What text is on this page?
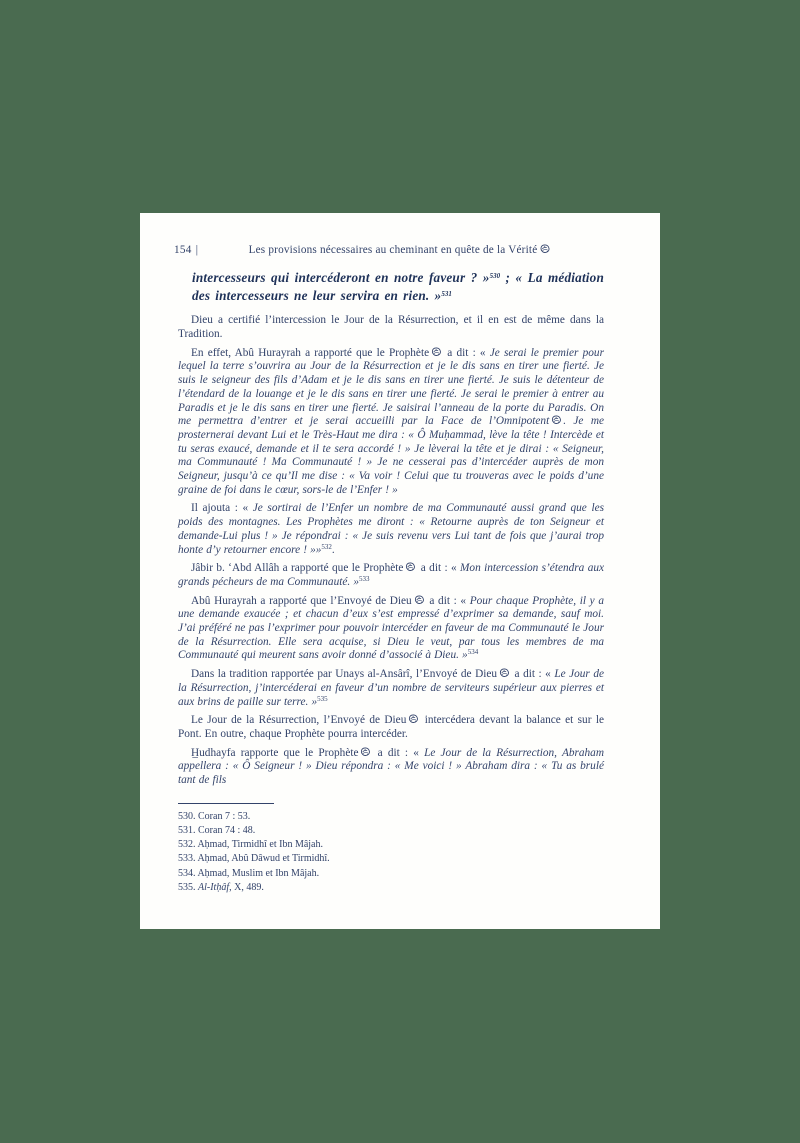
154 |	Les provisions nécessaires au cheminant en quête de la Vérité

intercesseurs qui intercéderont en notre faveur ? »$^{530}$ ; « La médiation des intercesseurs ne leur servira en rien. »$^{531}$

Dieu a certifié l’intercession le Jour de la Résurrection, et il en est de même dans la Tradition.

En effet, Abû Hurayrah a rapporté que le Prophète a dit : « Je serai le premier pour lequel la terre s’ouvrira au Jour de la Résurrection et je le dis sans en tirer une fierté. Je suis le seigneur des fils d’Adam et je le dis sans en tirer une fierté. Je suis le détenteur de l’étendard de la louange et je le dis sans en tirer une fierté. Je serai le premier à entrer au Paradis et je le dis sans en tirer une fierté. Je saisirai l’anneau de la porte du Paradis. On me permettra d’entrer et je serai accueilli par la Face de l’Omnipotent . Je me prosternerai devant Lui et le Très-Haut me dira : « Ô Muḥammad, lève la tête ! Intercède et tu seras exaucé, demande et il te sera accordé ! » Je lèverai la tête et je dirai : « Seigneur, ma Communauté ! Ma Communauté ! » Je ne cesserai pas d’intercéder auprès de mon Seigneur, jusqu’à ce qu’Il me dise : « Va voir ! Celui que tu trouveras avec le poids d’une graine de foi dans le cœur, sors-le de l’Enfer ! »

Il ajouta : « Je sortirai de l’Enfer un nombre de ma Communauté aussi grand que les poids des montagnes. Les Prophètes me diront : « Retourne auprès de ton Seigneur et demande-Lui plus ! » Je répondrai : « Je suis revenu vers Lui tant de fois que j’aurai trop honte d’y retourner encore ! »»$^{532}$.

Jâbir b. ‘Abd Allâh a rapporté que le Prophète a dit : « Mon intercession s’étendra aux grands pécheurs de ma Communauté. »$^{533}$

Abû Hurayrah a rapporté que l’Envoyé de Dieu a dit : « Pour chaque Prophète, il y a une demande exaucée ; et chacun d’eux s’est empressé d’exprimer sa demande, sauf moi. J’ai préféré ne pas l’exprimer pour pouvoir intercéder en faveur de ma Communauté le Jour de la Résurrection. Elle sera acquise, si Dieu le veut, par tous les membres de ma Communauté qui meurent sans avoir donné d’associé à Dieu. »$^{534}$

Dans la tradition rapportée par Unays al-Ansârî, l’Envoyé de Dieu a dit : « Le Jour de la Résurrection, j’intercéderai en faveur d’un nombre de serviteurs supérieur aux pierres et aux brins de paille sur terre. »$^{535}$

Le Jour de la Résurrection, l’Envoyé de Dieu intercédera devant la balance et sur le Pont. En outre, chaque Prophète pourra intercéder.

H̲udhayfa rapporte que le Prophète a dit : « Le Jour de la Résurrection, Abraham appellera : « Ô Seigneur ! » Dieu répondra : « Me voici ! » Abraham dira : « Tu as brulé tant de fils

530. Coran 7 : 53.

531. Coran 74 : 48.

532. Aḥmad, Tirmidhî et Ibn Mâjah.

533. Aḥmad, Abû Dâwud et Tirmidhî.

534. Aḥmad, Muslim et Ibn Mâjah.

535. Al-Itḥâf, X, 489.
